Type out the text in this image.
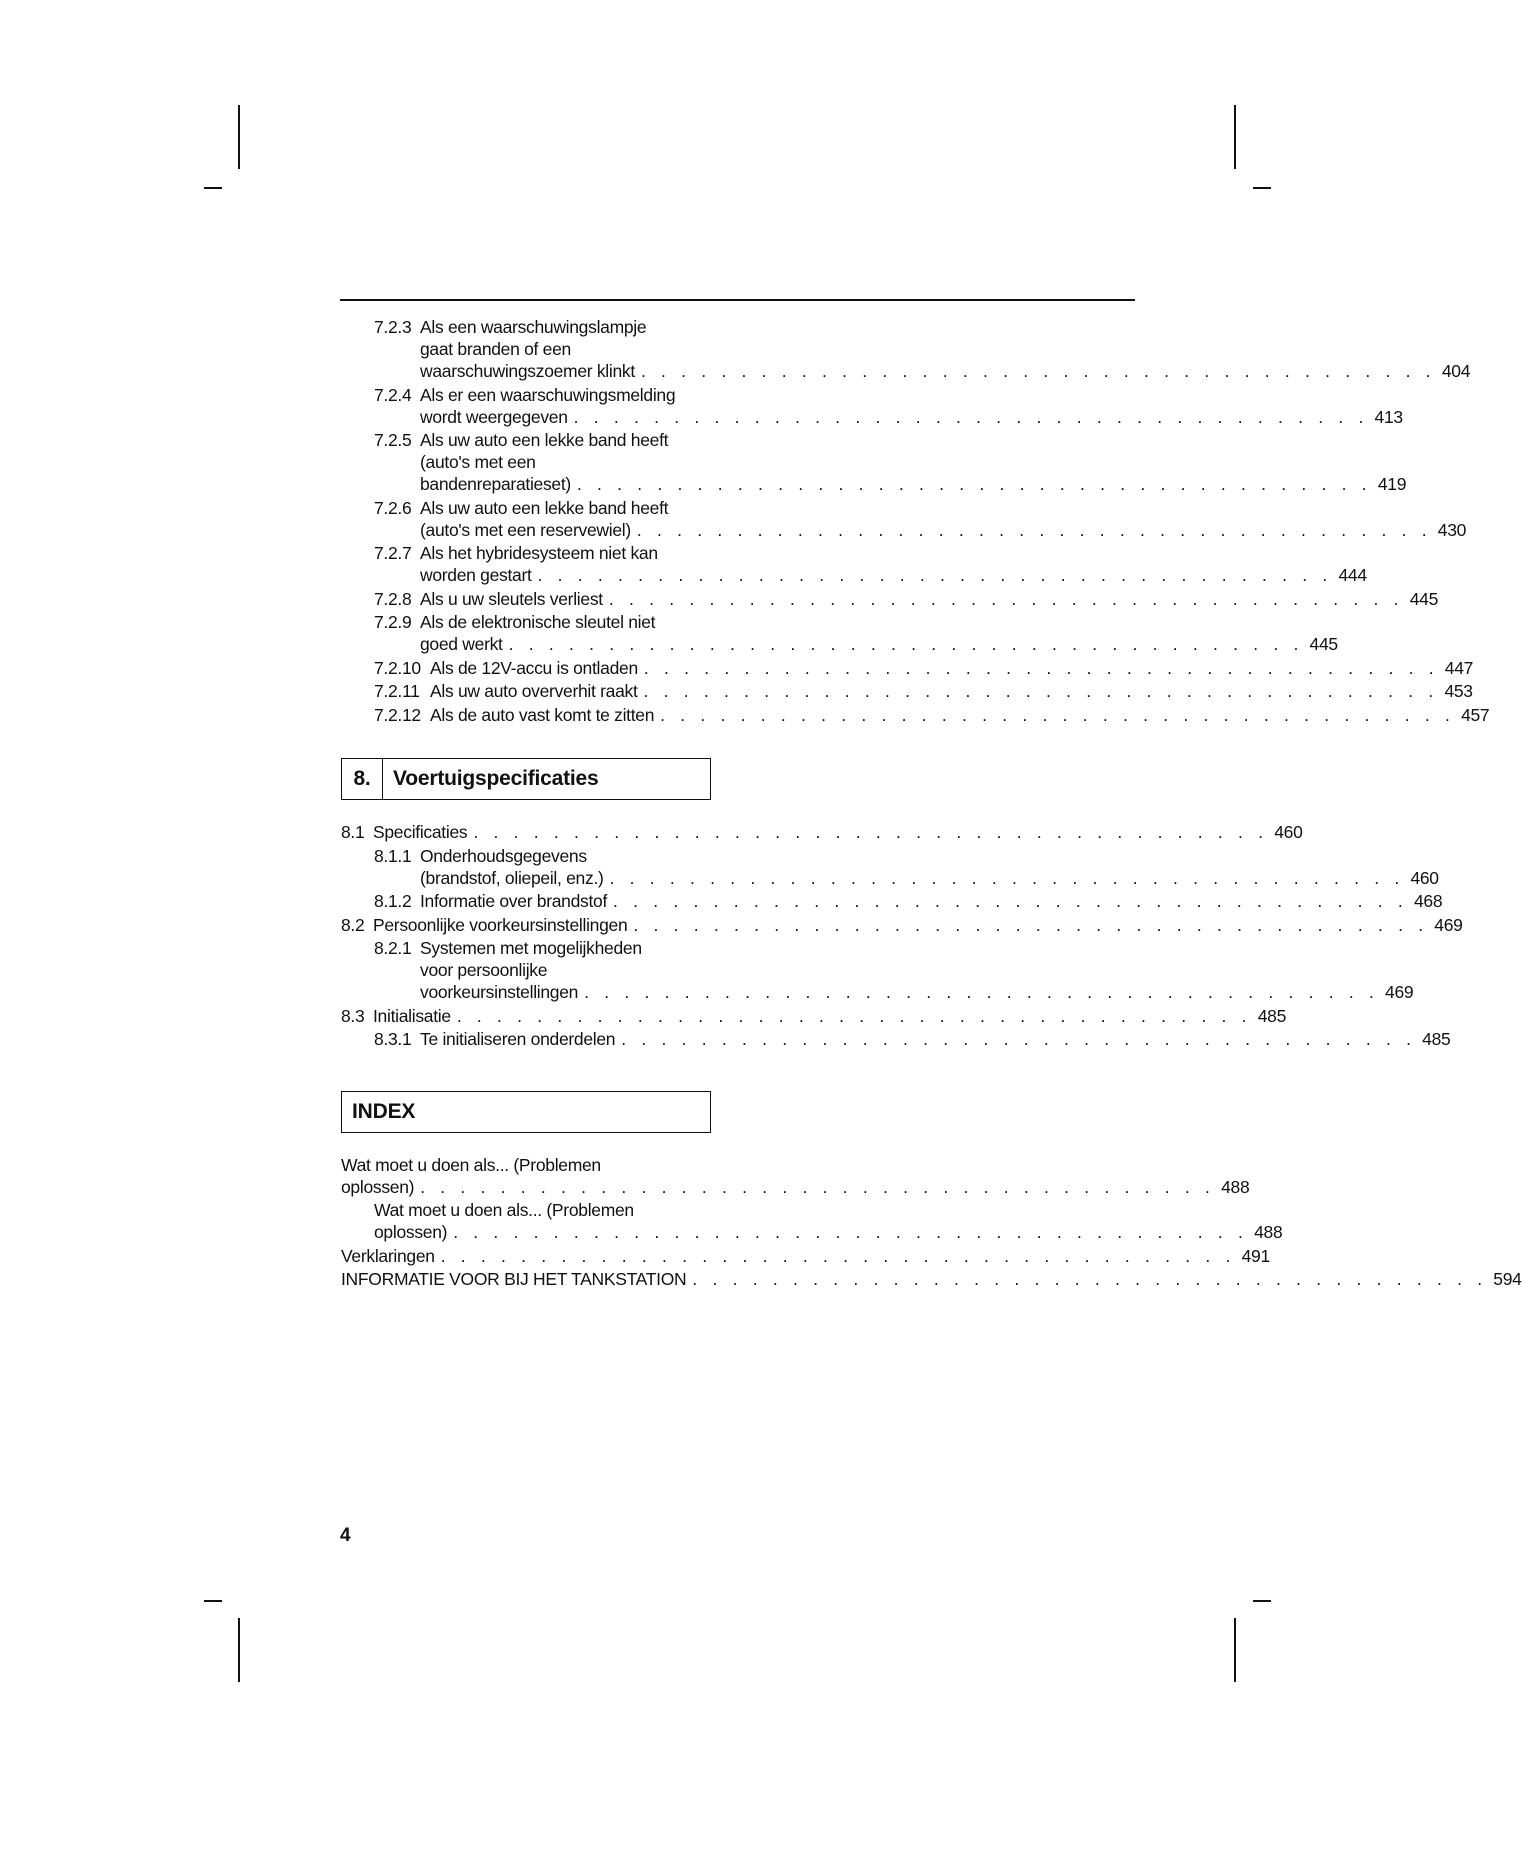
7.2.3 Als een waarschuwingslampje
gaat branden of een
waarschuwingszoemer klinkt . . . . . . . . . . . . . . . . . . . . . . . . . . . . . . . . . . . . . . . . 404
7.2.4 Als er een waarschuwingsmelding
wordt weergegeven . . . . . . . . . . . . . . . . . . . . . . . . . . . . . . . . . . . . . . . . 413
7.2.5 Als uw auto een lekke band heeft
(auto's met een
bandenreparatieset) . . . . . . . . . . . . . . . . . . . . . . . . . . . . . . . . . . . . . . . . 419
7.2.6 Als uw auto een lekke band heeft
(auto's met een reservewiel) . . . . . . . . . . . . . . . . . . . . . . . . . . . . . . . . . . . . . . . . 430
7.2.7 Als het hybridesysteem niet kan
worden gestart . . . . . . . . . . . . . . . . . . . . . . . . . . . . . . . . . . . . . . . . 444
7.2.8 Als u uw sleutels verliest . . . . . . . . . . . . . . . . . . . . . . . . . . . . . . . . . . . . . . . . 445
7.2.9 Als de elektronische sleutel niet
goed werkt . . . . . . . . . . . . . . . . . . . . . . . . . . . . . . . . . . . . . . . . 445
7.2.10 Als de 12V-accu is ontladen . . . . . . . . . . . . . . . . . . . . . . . . . . . . . . . . . . . . . . . . 447
7.2.11 Als uw auto oververhit raakt . . . . . . . . . . . . . . . . . . . . . . . . . . . . . . . . . . . . . . . . 453
7.2.12 Als de auto vast komt te zitten . . . . . . . . . . . . . . . . . . . . . . . . . . . . . . . . . . . . . . . . 457
8.	Voertuigspecificaties
8.1 Specificaties . . . . . . . . . . . . . . . . . . . . . . . . . . . . . . . . . . . . . . . . 460
8.1.1 Onderhoudsgegevens
(brandstof, oliepeil, enz.) . . . . . . . . . . . . . . . . . . . . . . . . . . . . . . . . . . . . . . . . 460
8.1.2 Informatie over brandstof . . . . . . . . . . . . . . . . . . . . . . . . . . . . . . . . . . . . . . . . 468
8.2 Persoonlijke voorkeursinstellingen . . . . . . . . . . . . . . . . . . . . . . . . . . . . . . . . . . . . . . . . 469
8.2.1 Systemen met mogelijkheden
voor persoonlijke
voorkeursinstellingen . . . . . . . . . . . . . . . . . . . . . . . . . . . . . . . . . . . . . . . . 469
8.3 Initialisatie . . . . . . . . . . . . . . . . . . . . . . . . . . . . . . . . . . . . . . . . 485
8.3.1 Te initialiseren onderdelen . . . . . . . . . . . . . . . . . . . . . . . . . . . . . . . . . . . . . . . . 485
INDEX
Wat moet u doen als... (Problemen
oplossen) . . . . . . . . . . . . . . . . . . . . . . . . . . . . . . . . . . . . . . . . 488
Wat moet u doen als... (Problemen
oplossen) . . . . . . . . . . . . . . . . . . . . . . . . . . . . . . . . . . . . . . . . 488
Verklaringen . . . . . . . . . . . . . . . . . . . . . . . . . . . . . . . . . . . . . . . . 491
INFORMATIE VOOR BIJ HET TANKSTATION . . . . . . . . . . . . . . . . . . . . . . . . . . . . . . . . . . . . . . . . 594
4
